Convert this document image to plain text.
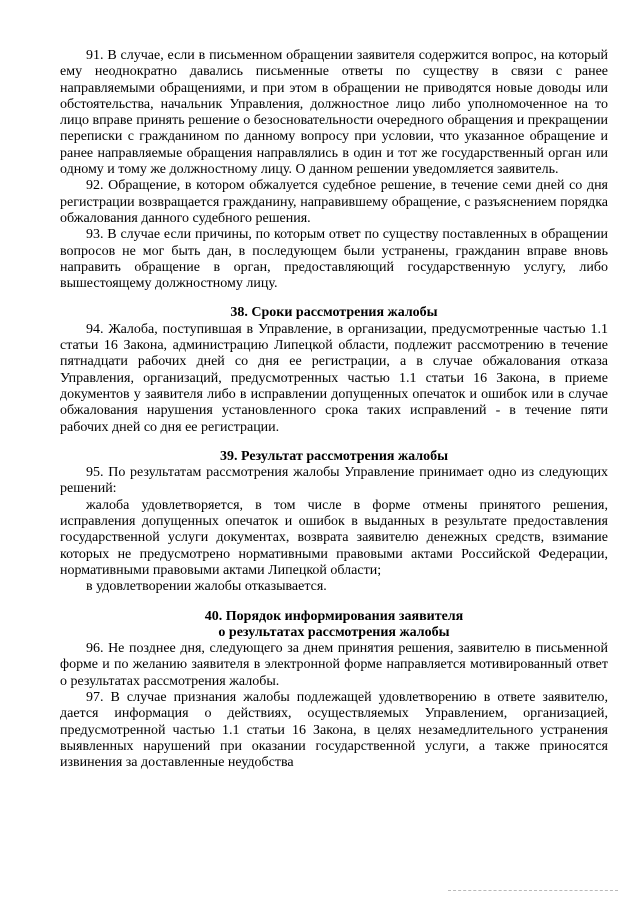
91. В случае, если в письменном обращении заявителя содержится вопрос, на который ему неоднократно давались письменные ответы по существу в связи с ранее направляемыми обращениями, и при этом в обращении не приводятся новые доводы или обстоятельства, начальник Управления, должностное лицо либо уполномоченное на то лицо вправе принять решение о безосновательности очередного обращения и прекращении переписки с гражданином по данному вопросу при условии, что указанное обращение и ранее направляемые обращения направлялись в один и тот же государственный орган или одному и тому же должностному лицу. О данном решении уведомляется заявитель.

92. Обращение, в котором обжалуется судебное решение, в течение семи дней со дня регистрации возвращается гражданину, направившему обращение, с разъяснением порядка обжалования данного судебного решения.

93. В случае если причины, по которым ответ по существу поставленных в обращении вопросов не мог быть дан, в последующем были устранены, гражданин вправе вновь направить обращение в орган, предоставляющий государственную услугу, либо вышестоящему должностному лицу.

38. Сроки рассмотрения жалобы

94. Жалоба, поступившая в Управление, в организации, предусмотренные частью 1.1 статьи 16 Закона, администрацию Липецкой области, подлежит рассмотрению в течение пятнадцати рабочих дней со дня ее регистрации, а в случае обжалования отказа Управления, организаций, предусмотренных частью 1.1 статьи 16 Закона, в приеме документов у заявителя либо в исправлении допущенных опечаток и ошибок или в случае обжалования нарушения установленного срока таких исправлений - в течение пяти рабочих дней со дня ее регистрации.

39. Результат рассмотрения жалобы

95. По результатам рассмотрения жалобы Управление принимает одно из следующих решений:

жалоба удовлетворяется, в том числе в форме отмены принятого решения, исправления допущенных опечаток и ошибок в выданных в результате предоставления государственной услуги документах, возврата заявителю денежных средств, взимание которых не предусмотрено нормативными правовыми актами Российской Федерации, нормативными правовыми актами Липецкой области;

в удовлетворении жалобы отказывается.

40. Порядок информирования заявителя

о результатах рассмотрения жалобы

96. Не позднее дня, следующего за днем принятия решения, заявителю в письменной форме и по желанию заявителя в электронной форме направляется мотивированный ответ о результатах рассмотрения жалобы.

97. В случае признания жалобы подлежащей удовлетворению в ответе заявителю, дается информация о действиях, осуществляемых Управлением, организацией, предусмотренной частью 1.1 статьи 16 Закона, в целях незамедлительного устранения выявленных нарушений при оказании государственной услуги, а также приносятся извинения за доставленные неудобства
